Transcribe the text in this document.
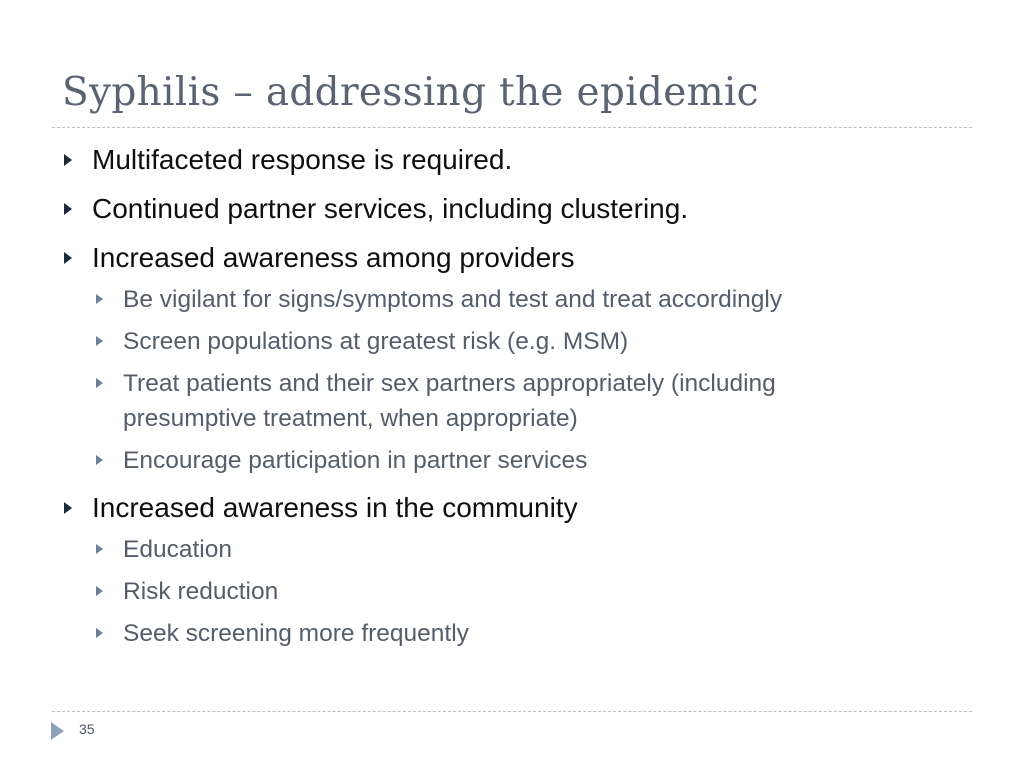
Syphilis – addressing the epidemic
Multifaceted response is required.
Continued partner services, including clustering.
Increased awareness among providers
Be vigilant for signs/symptoms and test and treat accordingly
Screen populations at greatest risk (e.g. MSM)
Treat patients and their sex partners appropriately (including
presumptive treatment, when appropriate)
Encourage participation in partner services
Increased awareness in the community
Education
Risk reduction
Seek screening more frequently
35
